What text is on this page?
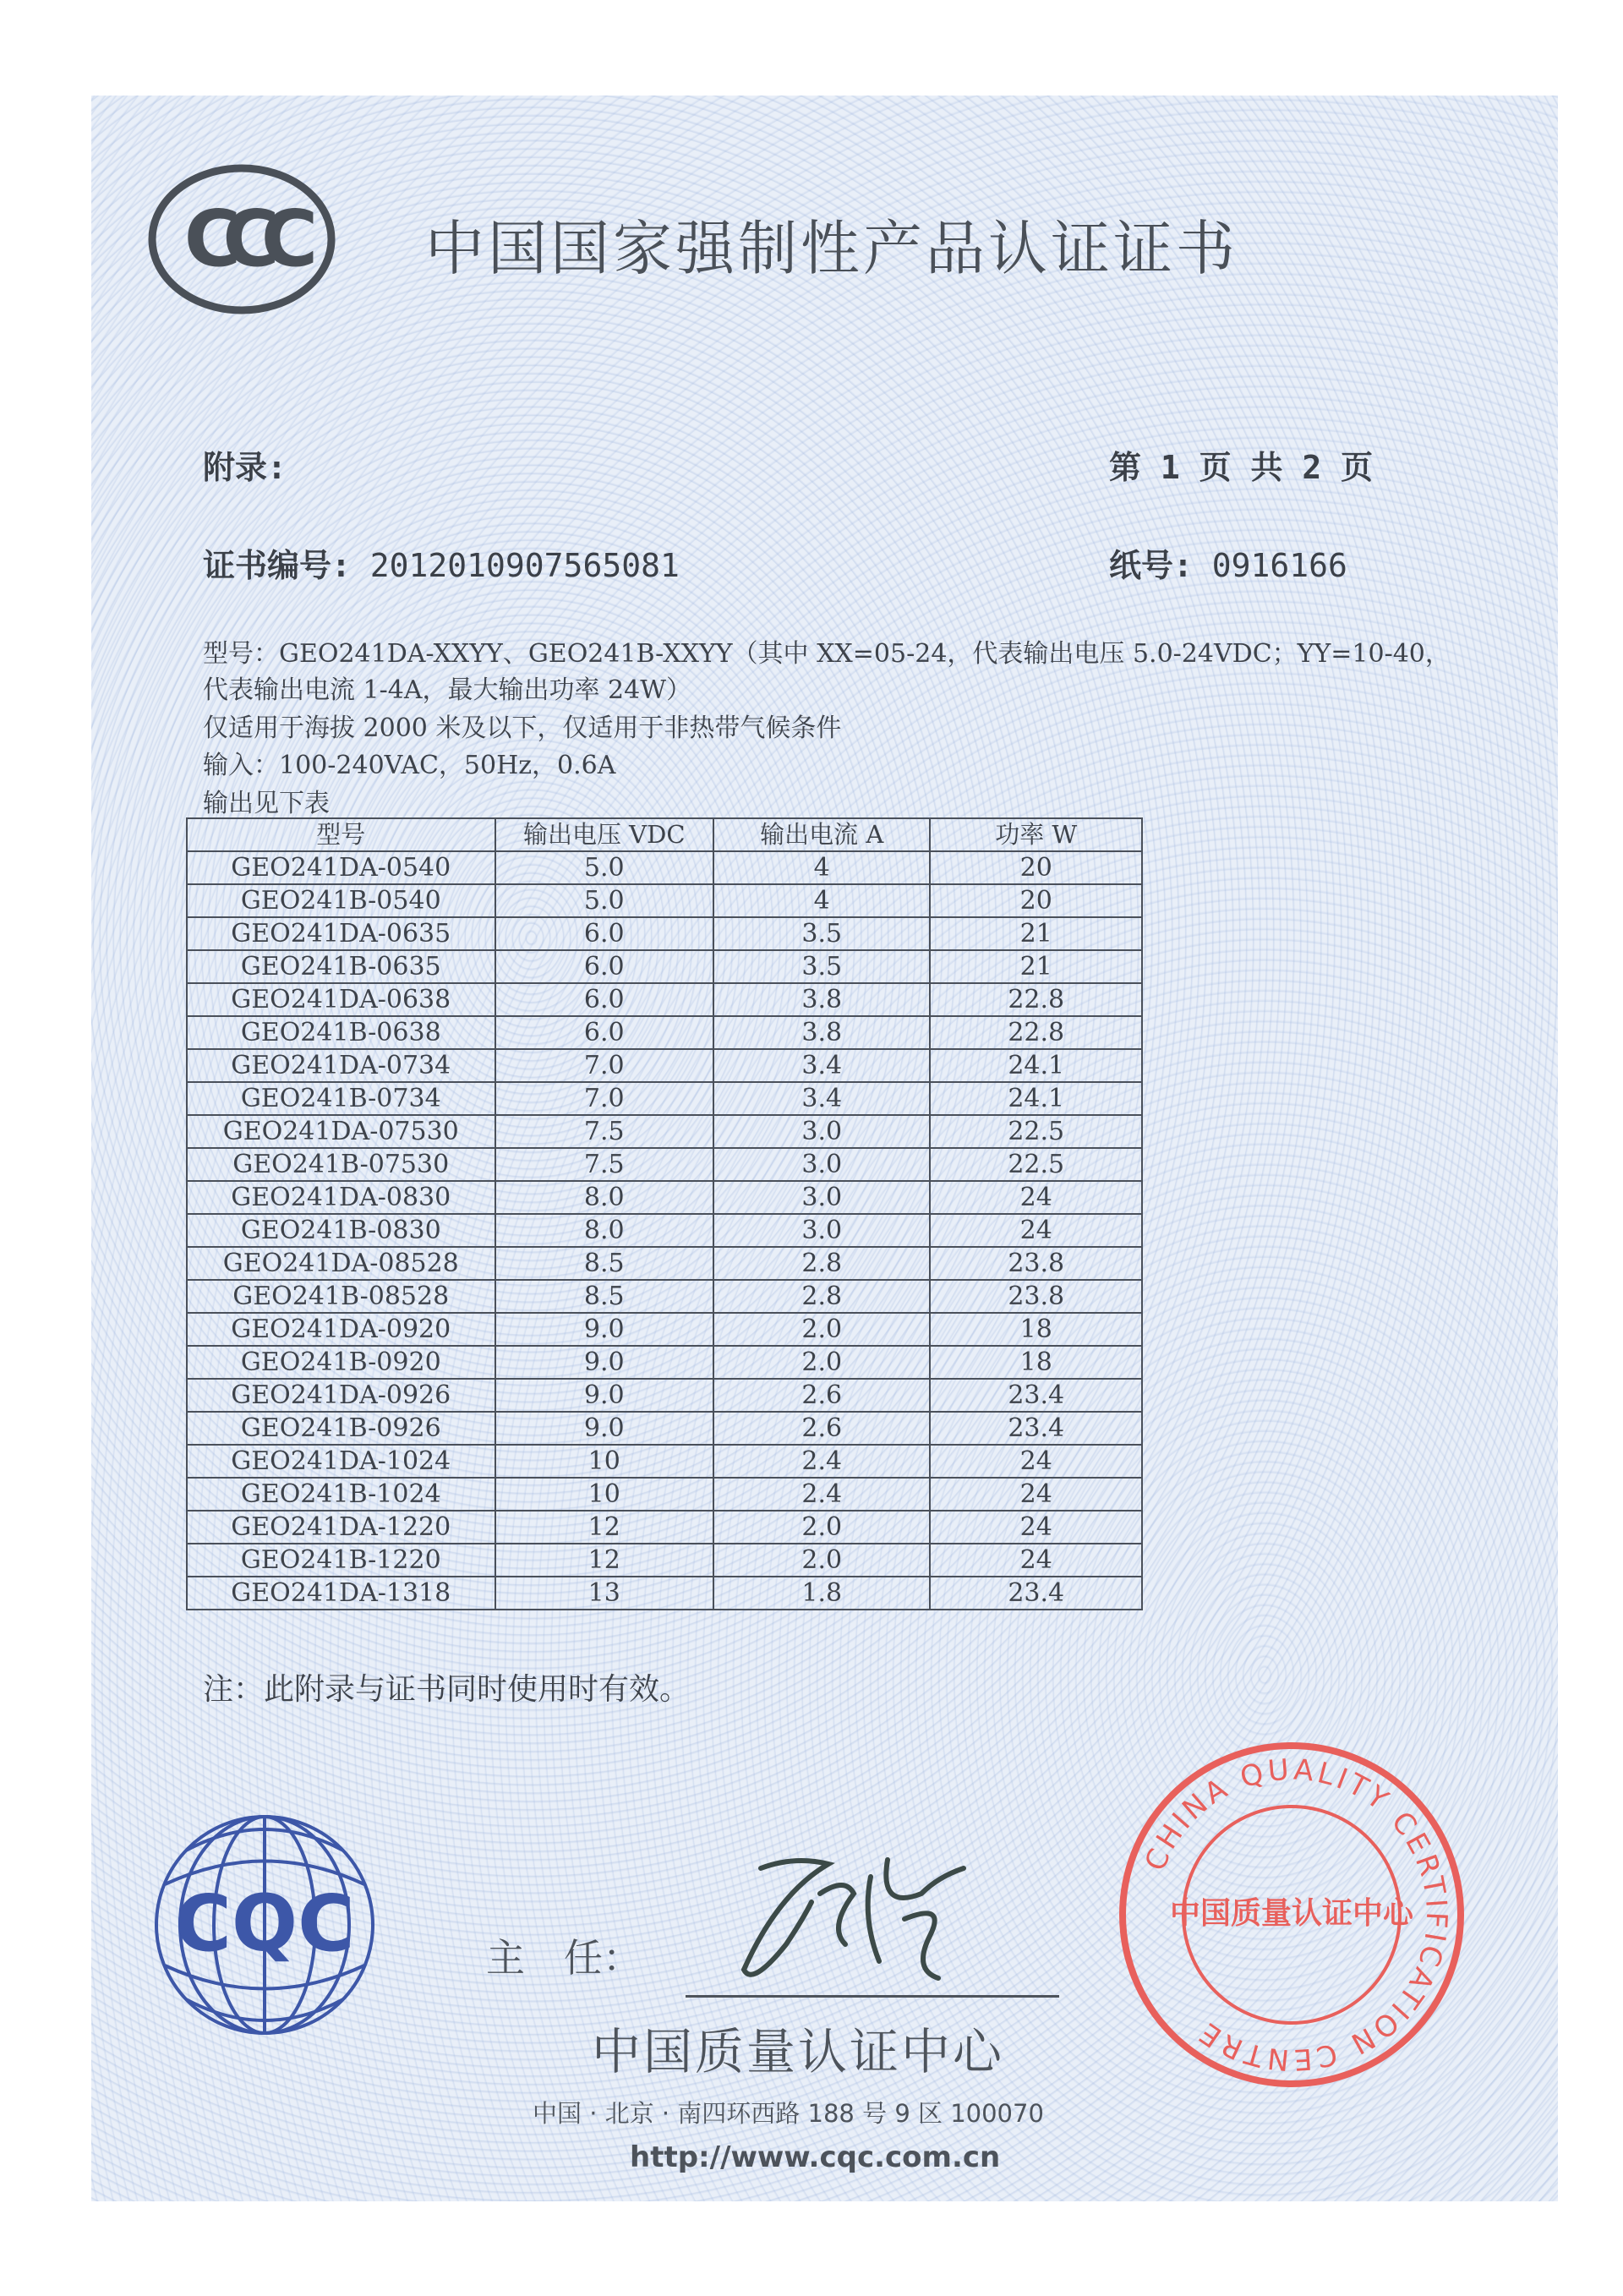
CCC 中国国家强制性产品认证证书
附录:	第 1 页 共 2 页
证书编号: 2012010907565081	纸号: 0916166
型号：GEO241DA-XXYY、GEO241B-XXYY（其中 XX=05-24，代表输出电压 5.0-24VDC；YY=10-40，
代表输出电流 1-4A，最大输出功率 24W）
仅适用于海拔 2000 米及以下，仅适用于非热带气候条件
输入：100-240VAC，50Hz，0.6A
输出见下表
型号	输出电压 VDC	输出电流 A	功率 W
GEO241DA-0540	5.0	4	20
GEO241B-0540	5.0	4	20
GEO241DA-0635	6.0	3.5	21
GEO241B-0635	6.0	3.5	21
GEO241DA-0638	6.0	3.8	22.8
GEO241B-0638	6.0	3.8	22.8
GEO241DA-0734	7.0	3.4	24.1
GEO241B-0734	7.0	3.4	24.1
GEO241DA-07530	7.5	3.0	22.5
GEO241B-07530	7.5	3.0	22.5
GEO241DA-0830	8.0	3.0	24
GEO241B-0830	8.0	3.0	24
GEO241DA-08528	8.5	2.8	23.8
GEO241B-08528	8.5	2.8	23.8
GEO241DA-0920	9.0	2.0	18
GEO241B-0920	9.0	2.0	18
GEO241DA-0926	9.0	2.6	23.4
GEO241B-0926	9.0	2.6	23.4
GEO241DA-1024	10	2.4	24
GEO241B-1024	10	2.4	24
GEO241DA-1220	12	2.0	24
GEO241B-1220	12	2.0	24
GEO241DA-1318	13	1.8	23.4
注：此附录与证书同时使用时有效。
CQC	主　任：
中国质量认证中心
中国 · 北京 · 南四环西路 188 号 9 区 100070
http://www.cqc.com.cn
CHINA QUALITY CERTIFICATION CENTRE
中国质量认证中心
